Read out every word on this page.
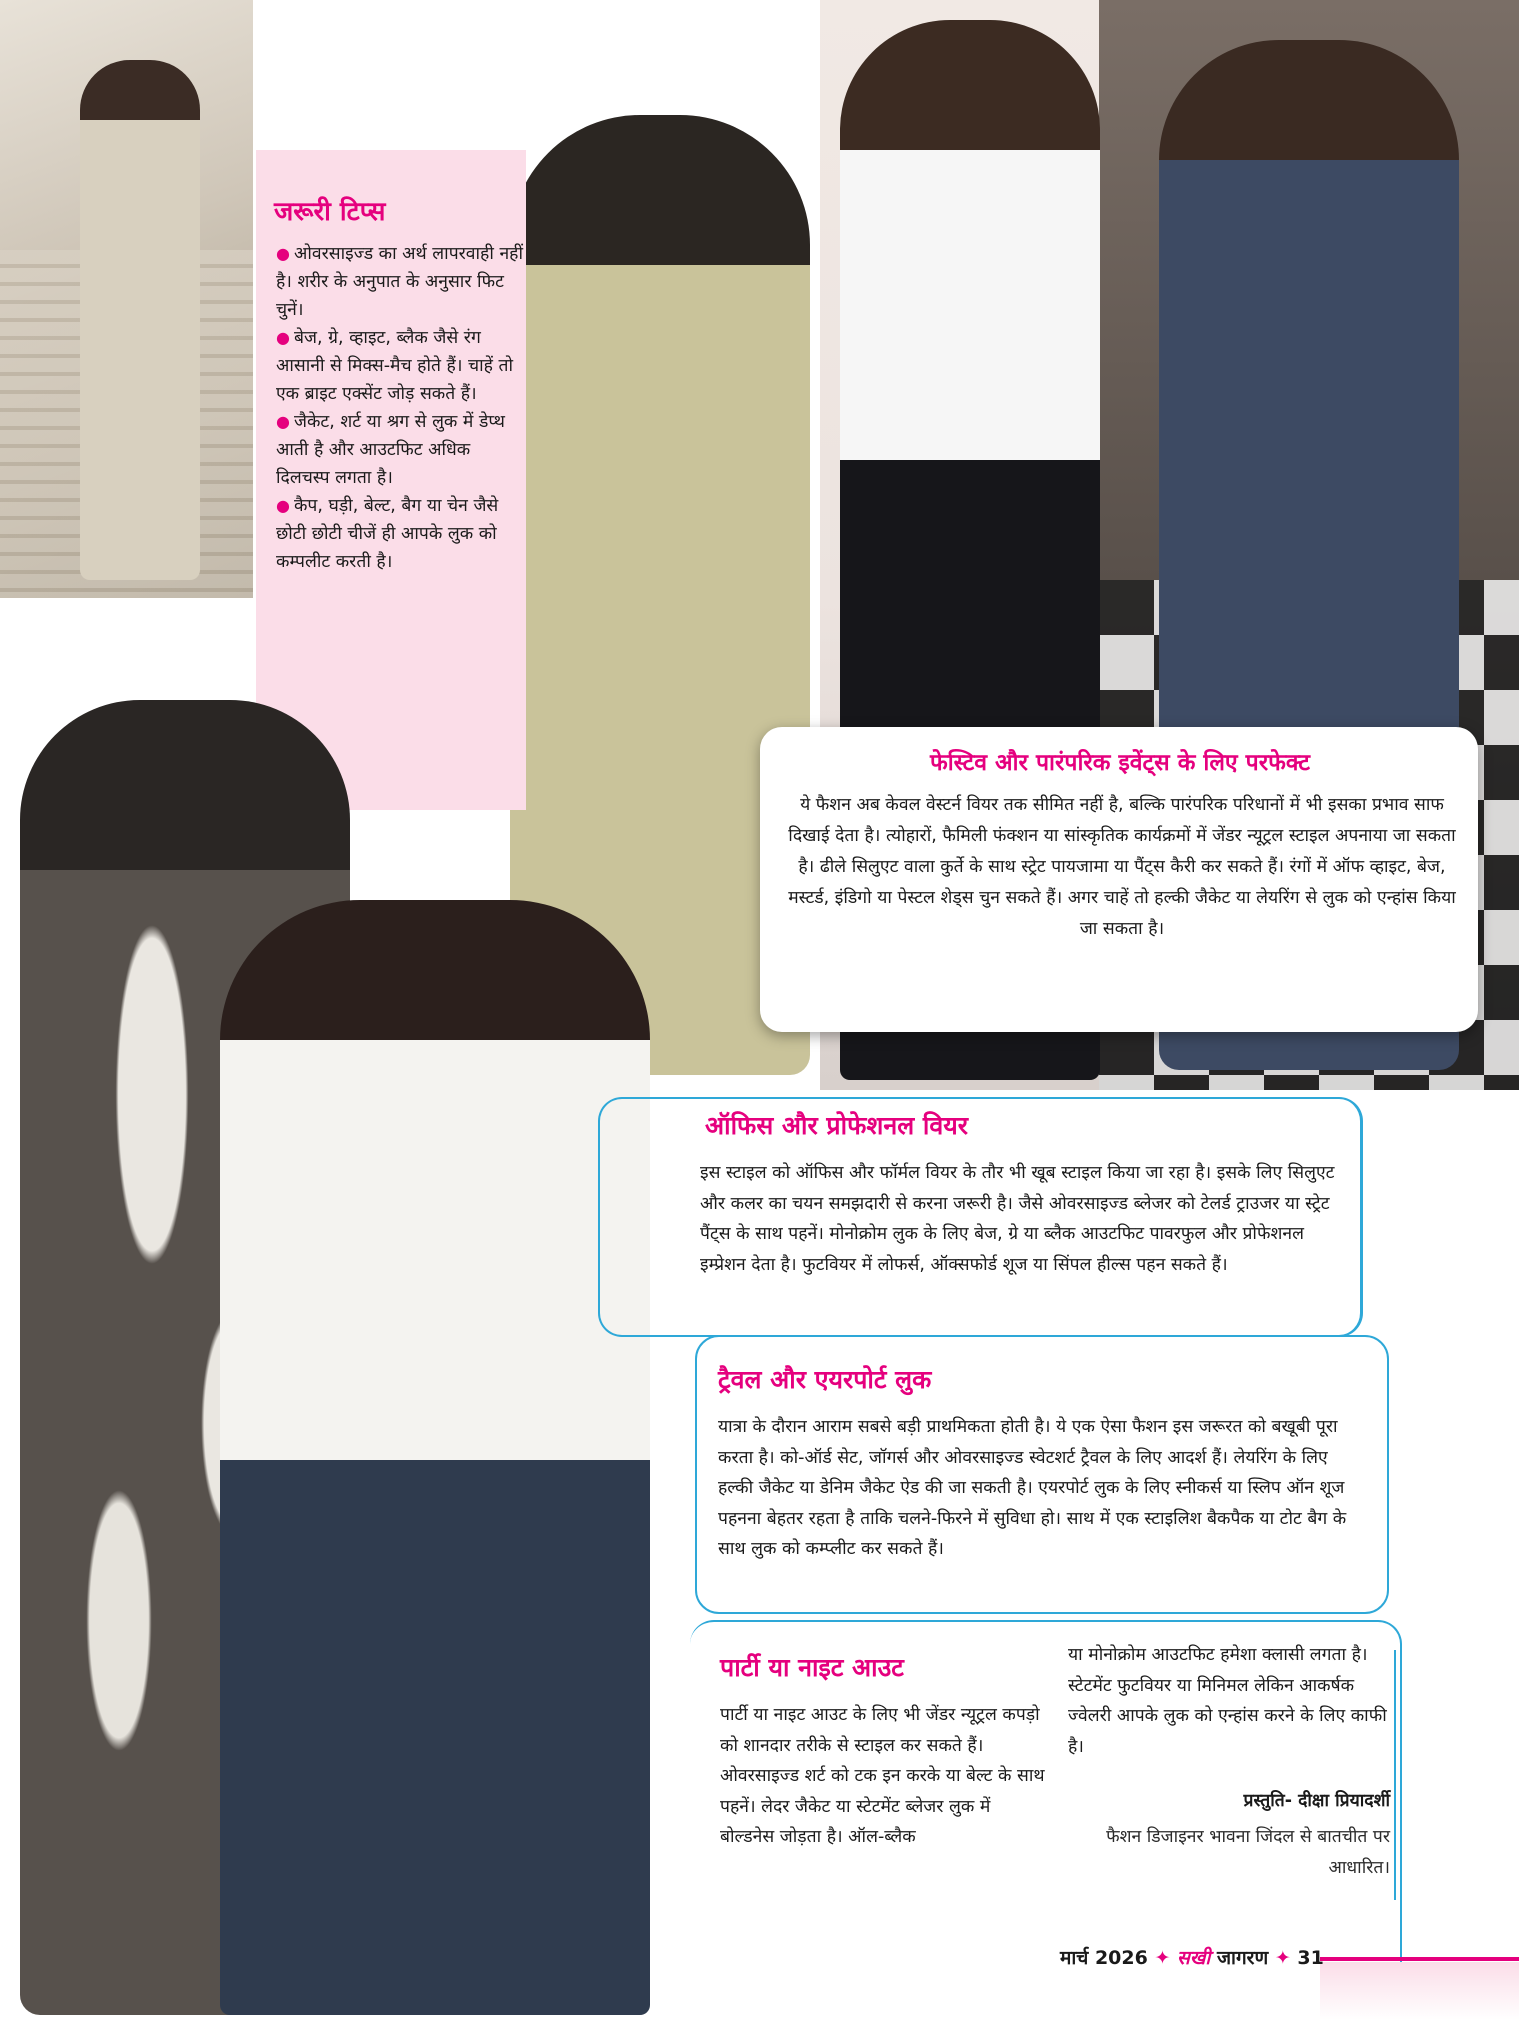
जरूरी टिप्स

● ओवरसाइज्ड का अर्थ लापरवाही नहीं है। शरीर के अनुपात के अनुसार फिट चुनें।

● बेज, ग्रे, व्हाइट, ब्लैक जैसे रंग आसानी से मिक्स-मैच होते हैं। चाहें तो एक ब्राइट एक्सेंट जोड़ सकते हैं।

● जैकेट, शर्ट या श्रग से लुक में डेप्थ आती है और आउटफिट अधिक दिलचस्प लगता है।

● कैप, घड़ी, बेल्ट, बैग या चेन जैसे छोटी छोटी चीजें ही आपके लुक को कम्पलीट करती है।

फेस्टिव और पारंपरिक इवेंट्स के लिए परफेक्ट
ये फैशन अब केवल वेस्टर्न वियर तक सीमित नहीं है, बल्कि पारंपरिक परिधानों में भी इसका प्रभाव साफ दिखाई देता है। त्योहारों, फैमिली फंक्शन या सांस्कृतिक कार्यक्रमों में जेंडर न्यूट्रल स्टाइल अपनाया जा सकता है। ढीले सिलुएट वाला कुर्ते के साथ स्ट्रेट पायजामा या पैंट्स कैरी कर सकते हैं। रंगों में ऑफ व्हाइट, बेज, मस्टर्ड, इंडिगो या पेस्टल शेड्स चुन सकते हैं। अगर चाहें तो हल्की जैकेट या लेयरिंग से लुक को एन्हांस किया जा सकता है।
ऑफिस और प्रोफेशनल वियर
इस स्टाइल को ऑफिस और फॉर्मल वियर के तौर भी खूब स्टाइल किया जा रहा है। इसके लिए सिलुएट और कलर का चयन समझदारी से करना जरूरी है। जैसे ओवरसाइज्ड ब्लेजर को टेलर्ड ट्राउजर या स्ट्रेट पैंट्स के साथ पहनें। मोनोक्रोम लुक के लिए बेज, ग्रे या ब्लैक आउटफिट पावरफुल और प्रोफेशनल इम्प्रेशन देता है। फुटवियर में लोफर्स, ऑक्सफोर्ड शूज या सिंपल हील्स पहन सकते हैं।
ट्रैवल और एयरपोर्ट लुक
यात्रा के दौरान आराम सबसे बड़ी प्राथमिकता होती है। ये एक ऐसा फैशन इस जरूरत को बखूबी पूरा करता है। को-ऑर्ड सेट, जॉगर्स और ओवरसाइज्ड स्वेटशर्ट ट्रैवल के लिए आदर्श हैं। लेयरिंग के लिए हल्की जैकेट या डेनिम जैकेट ऐड की जा सकती है। एयरपोर्ट लुक के लिए स्नीकर्स या स्लिप ऑन शूज पहनना बेहतर रहता है ताकि चलने-फिरने में सुविधा हो। साथ में एक स्टाइलिश बैकपैक या टोट बैग के साथ लुक को कम्प्लीट कर सकते हैं।
पार्टी या नाइट आउट
पार्टी या नाइट आउट के लिए भी जेंडर न्यूट्रल कपड़ो को शानदार तरीके से स्टाइल कर सकते हैं। ओवरसाइज्ड शर्ट को टक इन करके या बेल्ट के साथ पहनें। लेदर जैकेट या स्टेटमेंट ब्लेजर लुक में बोल्डनेस जोड़ता है। ऑल-ब्लैक
या मोनोक्रोम आउटफिट हमेशा क्लासी लगता है। स्टेटमेंट फुटवियर या मिनिमल लेकिन आकर्षक ज्वेलरी आपके लुक को एन्हांस करने के लिए काफी है।
प्रस्तुति- दीक्षा प्रियादर्शी
फैशन डिजाइनर भावना जिंदल से बातचीत पर आधारित।
मार्च 2026 ✦ सखी जागरण ✦ 31
